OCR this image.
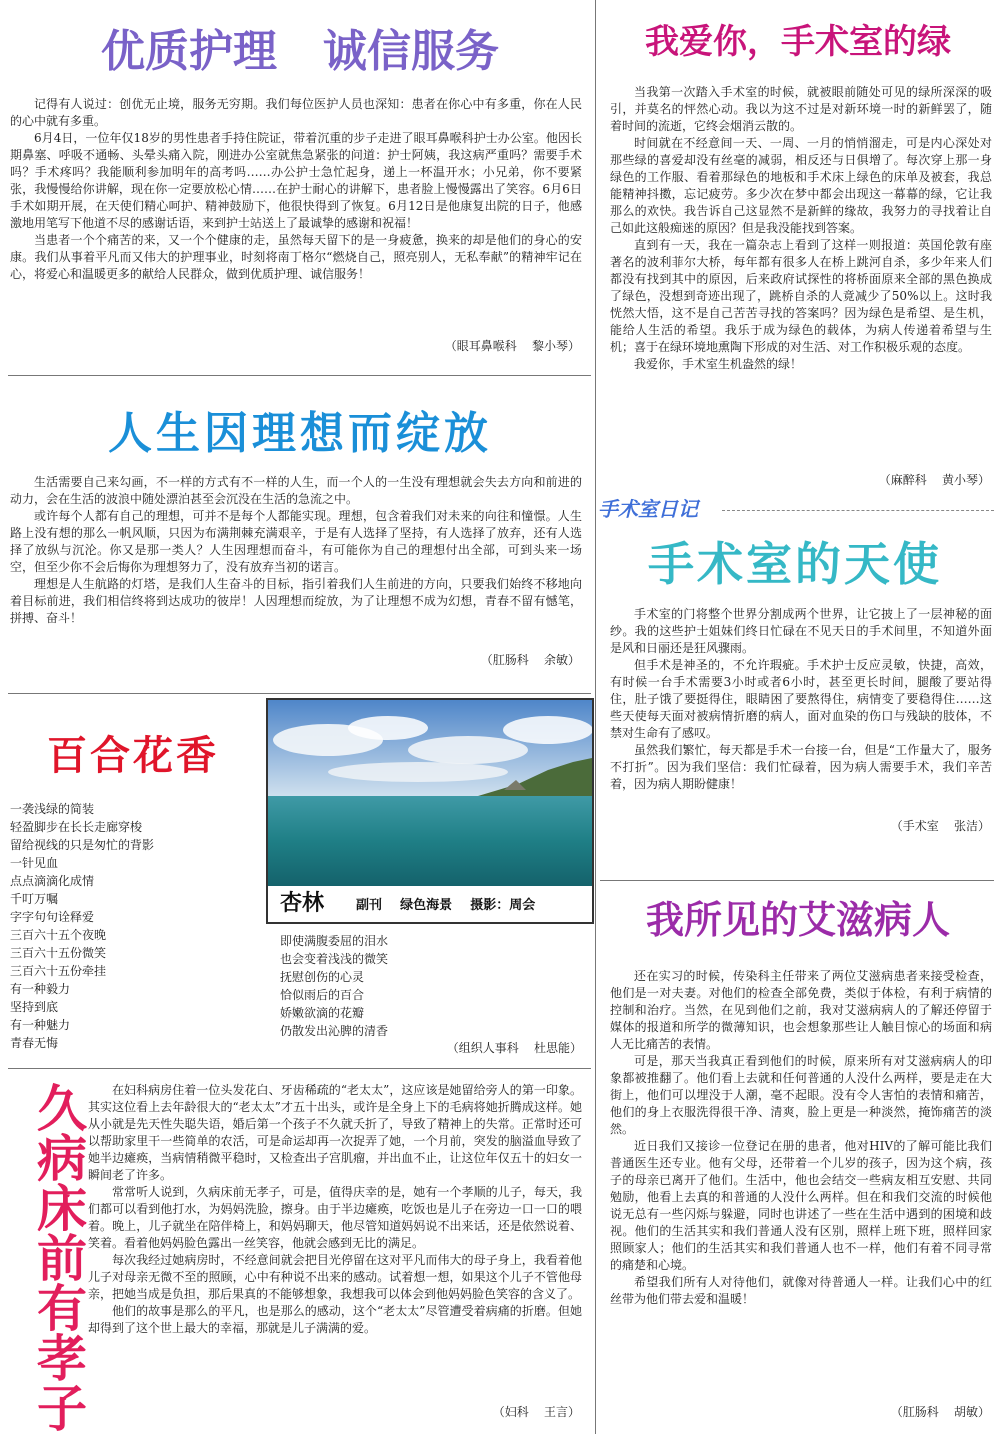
优质护理   诚信服务

记得有人说过：创优无止境，服务无穷期。我们每位医护人员也深知：患者在你心中有多重，你在人民的心中就有多重。

6月4日，一位年仅18岁的男性患者手持住院证，带着沉重的步子走进了眼耳鼻喉科护士办公室。他因长期鼻塞、呼吸不通畅、头晕头痛入院，刚进办公室就焦急紧张的问道：护士阿姨，我这病严重吗？需要手术吗？手术疼吗？我能顺利参加明年的高考吗……办公护士急忙起身，递上一杯温开水；小兄弟，你不要紧张，我慢慢给你讲解，现在你一定要放松心情……在护士耐心的讲解下，患者脸上慢慢露出了笑容。6月6日手术如期开展，在天使们精心呵护、精神鼓励下，他很快得到了恢复。6月12日是他康复出院的日子，他感激地用笔写下他道不尽的感谢话语，来到护士站送上了最诚挚的感谢和祝福！

当患者一个个痛苦的来，又一个个健康的走，虽然每天留下的是一身疲惫，换来的却是他们的身心的安康。我们从事着平凡而又伟大的护理事业，时刻将南丁格尔“燃烧自己，照亮别人，无私奉献”的精神牢记在心，将爱心和温暖更多的献给人民群众，做到优质护理、诚信服务！

（眼耳鼻喉科    黎小琴）
人生因理想而绽放

生活需要自己来勾画，不一样的方式有不一样的人生，而一个人的一生没有理想就会失去方向和前进的动力，会在生活的波浪中随处漂泊甚至会沉没在生活的急流之中。

或许每个人都有自己的理想，可并不是每个人都能实现。理想，包含着我们对未来的向往和憧憬。人生路上没有想的那么一帆风顺，只因为布满荆棘充满艰辛，于是有人选择了坚持，有人选择了放弃，还有人选择了放纵与沉沦。你又是那一类人？人生因理想而奋斗，有可能你为自己的理想付出全部，可到头来一场空，但至少你不会后悔你为理想努力了，没有放弃当初的诺言。

理想是人生航路的灯塔，是我们人生奋斗的目标，指引着我们人生前进的方向，只要我们始终不移地向着目标前进，我们相信终将到达成功的彼岸！人因理想而绽放，为了让理想不成为幻想，青春不留有憾笔，拼搏、奋斗！

（肛肠科    余敏）
百合花香
一袭浅绿的简装
轻盈脚步在长长走廊穿梭
留给视线的只是匆忙的背影
一针见血
点点滴滴化成情
千叮万嘱
字字句句诠释爱
三百六十五个夜晚
三百六十五份微笑
三百六十五份牵挂
有一种毅力
坚持到底
有一种魅力
青春无悔
杏林 副刊    绿色海景    摄影：周会
即使满腹委屈的泪水
也会变着浅浅的微笑
抚慰创伤的心灵
恰似雨后的百合
娇嫩欲滴的花瓣
仍散发出沁脾的清香
（组织人事科    杜思能）
久病床前有孝子	在妇科病房住着一位头发花白、牙齿稀疏的“老太太”，这应该是她留给旁人的第一印象。其实这位看上去年龄很大的“老太太”才五十出头，或许是全身上下的毛病将她折腾成这样。她从小就是先天性失聪失语，婚后第一个孩子不久就夭折了，导致了精神上的失常。正常时还可以帮助家里干一些简单的农活，可是命运却再一次捉弄了她，一个月前，突发的脑溢血导致了她半边瘫痪，当病情稍微平稳时，又检查出子宫肌瘤，并出血不止，让这位年仅五十的妇女一瞬间老了许多。

常常听人说到，久病床前无孝子，可是，值得庆幸的是，她有一个孝顺的儿子，每天，我们都可以看到他打水，为妈妈洗脸，擦身。由于半边瘫痪，吃饭也是儿子在旁边一口一口的喂着。晚上，儿子就坐在陪伴椅上，和妈妈聊天，他尽管知道妈妈说不出来话，还是依然说着、笑着。看着他妈妈脸色露出一丝笑容，他就会感到无比的满足。

每次我经过她病房时，不经意间就会把目光停留在这对平凡而伟大的母子身上，我看着他儿子对母亲无微不至的照顾，心中有种说不出来的感动。试着想一想，如果这个儿子不管他母亲，把她当成是负担，那后果真的不能够想象，我想我可以体会到他妈妈脸色笑容的含义了。

他们的故事是那么的平凡，也是那么的感动，这个“老太太”尽管遭受着病痛的折磨。但她却得到了这个世上最大的幸福，那就是儿子满满的爱。

（妇科    王言）
我爱你，手术室的绿

当我第一次踏入手术室的时候，就被眼前随处可见的绿所深深的吸引，并莫名的怦然心动。我以为这不过是对新环境一时的新鲜罢了，随着时间的流逝，它终会烟消云散的。

时间就在不经意间一天、一周、一月的悄悄溜走，可是内心深处对那些绿的喜爱却没有丝毫的减弱，相反还与日俱增了。每次穿上那一身绿色的工作服、看着那绿色的地板和手术床上绿色的床单及被套，我总能精神抖擞，忘记疲劳。多少次在梦中都会出现这一幕幕的绿，它让我那么的欢快。我告诉自己这显然不是新鲜的缘故，我努力的寻找着让自己如此这般痴迷的原因？但是我没能找到答案。

直到有一天，我在一篇杂志上看到了这样一则报道：英国伦敦有座著名的波利菲尔大桥，每年都有很多人在桥上跳河自杀，多少年来人们都没有找到其中的原因，后来政府试探性的将桥面原来全部的黑色换成了绿色，没想到奇迹出现了，跳桥自杀的人竟减少了50%以上。这时我恍然大悟，这不是自己苦苦寻找的答案吗？因为绿色是希望、是生机，能给人生活的希望。我乐于成为绿色的载体，为病人传递着希望与生机；喜于在绿环境地熏陶下形成的对生活、对工作积极乐观的态度。

我爱你，手术室生机盎然的绿！

（麻醉科    黄小琴）
手术室日记
手术室的天使

手术室的门将整个世界分割成两个世界，让它披上了一层神秘的面纱。我的这些护士姐妹们终日忙碌在不见天日的手术间里，不知道外面是风和日丽还是狂风骤雨。

但手术是神圣的，不允许瑕疵。手术护士反应灵敏，快捷，高效，有时候一台手术需要3小时或者6小时，甚至更长时间，腿酸了要站得住，肚子饿了要挺得住，眼睛困了要熬得住，病情变了要稳得住……这些天使每天面对被病情折磨的病人，面对血染的伤口与残缺的肢体，不禁对生命有了感叹。

虽然我们繁忙，每天都是手术一台接一台，但是“工作量大了，服务不打折”。因为我们坚信：我们忙碌着，因为病人需要手术，我们辛苦着，因为病人期盼健康！

（手术室    张洁）
我所见的艾滋病人

还在实习的时候，传染科主任带来了两位艾滋病患者来接受检查，他们是一对夫妻。对他们的检查全部免费，类似于体检，有利于病情的控制和治疗。当然，在见到他们之前，我对艾滋病病人的了解还停留于媒体的报道和所学的微薄知识，也会想象那些让人触目惊心的场面和病人无比痛苦的表情。

可是，那天当我真正看到他们的时候，原来所有对艾滋病病人的印象都被推翻了。他们看上去就和任何普通的人没什么两样，要是走在大街上，他们可以埋没于人潮，毫不起眼。没有令人害怕的表情和痛苦，他们的身上衣服洗得很干净、清爽，脸上更是一种淡然，掩饰痛苦的淡然。

近日我们又接诊一位登记在册的患者，他对HIV的了解可能比我们普通医生还专业。他有父母，还带着一个儿岁的孩子，因为这个病，孩子的母亲已离开了他们。生活中，他也会结交一些病友相互安慰、共同勉励，他看上去真的和普通的人没什么两样。但在和我们交流的时候他说无总有一些闪烁与躲避，同时也讲述了一些在生活中遇到的困境和歧视。他们的生活其实和我们普通人没有区别，照样上班下班，照样回家照顾家人；他们的生活其实和我们普通人也不一样，他们有着不同寻常的痛楚和心境。

希望我们所有人对待他们，就像对待普通人一样。让我们心中的红丝带为他们带去爱和温暖！

（肛肠科    胡敏）
